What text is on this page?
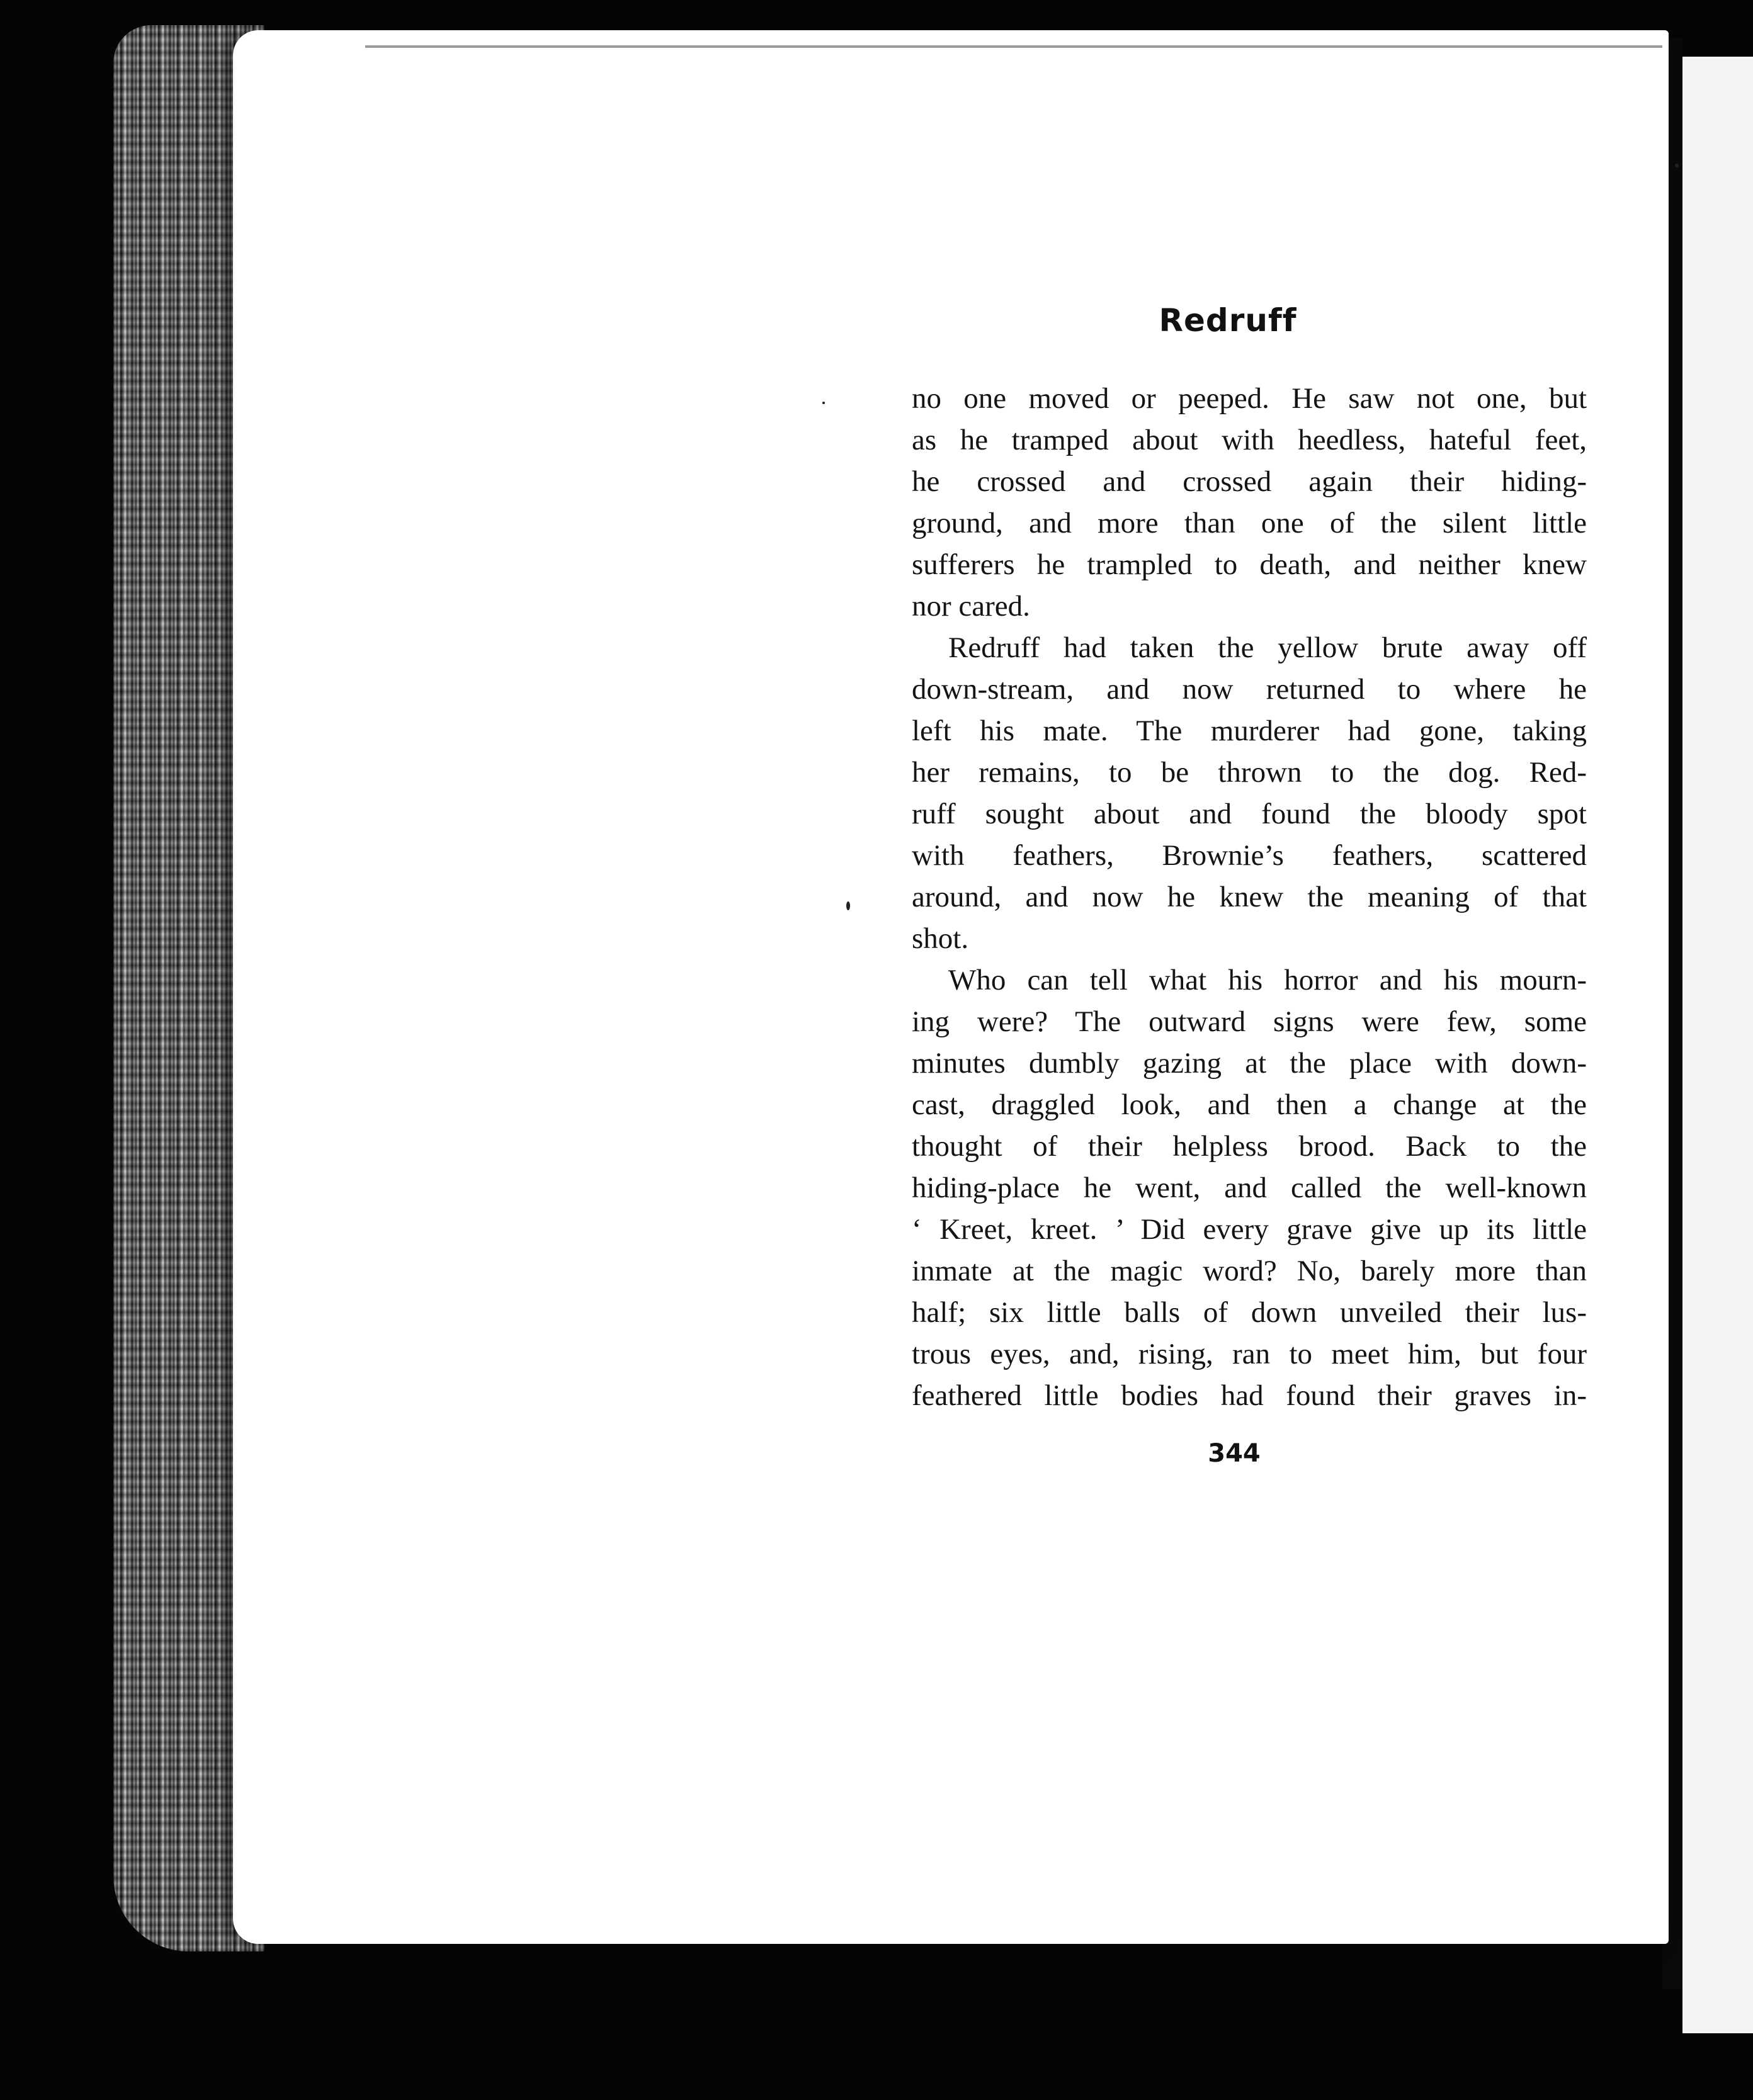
Redruff

no one moved or peeped. He saw not one, but
as he tramped about with heedless, hateful feet,
he crossed and crossed again their hiding-
ground, and more than one of the silent little
sufferers he trampled to death, and neither knew
nor cared.

Redruff had taken the yellow brute away off
down-stream, and now returned to where he
left his mate. The murderer had gone, taking
her remains, to be thrown to the dog. Red-
ruff sought about and found the bloody spot
with feathers, Brownie’s feathers, scattered
around, and now he knew the meaning of that
shot.

Who can tell what his horror and his mourn-
ing were? The outward signs were few, some
minutes dumbly gazing at the place with down-
cast, draggled look, and then a change at the
thought of their helpless brood. Back to the
hiding-place he went, and called the well-known
‘ Kreet, kreet. ’ Did every grave give up its little
inmate at the magic word? No, barely more than
half; six little balls of down unveiled their lus-
trous eyes, and, rising, ran to meet him, but four
feathered little bodies had found their graves in-

344
